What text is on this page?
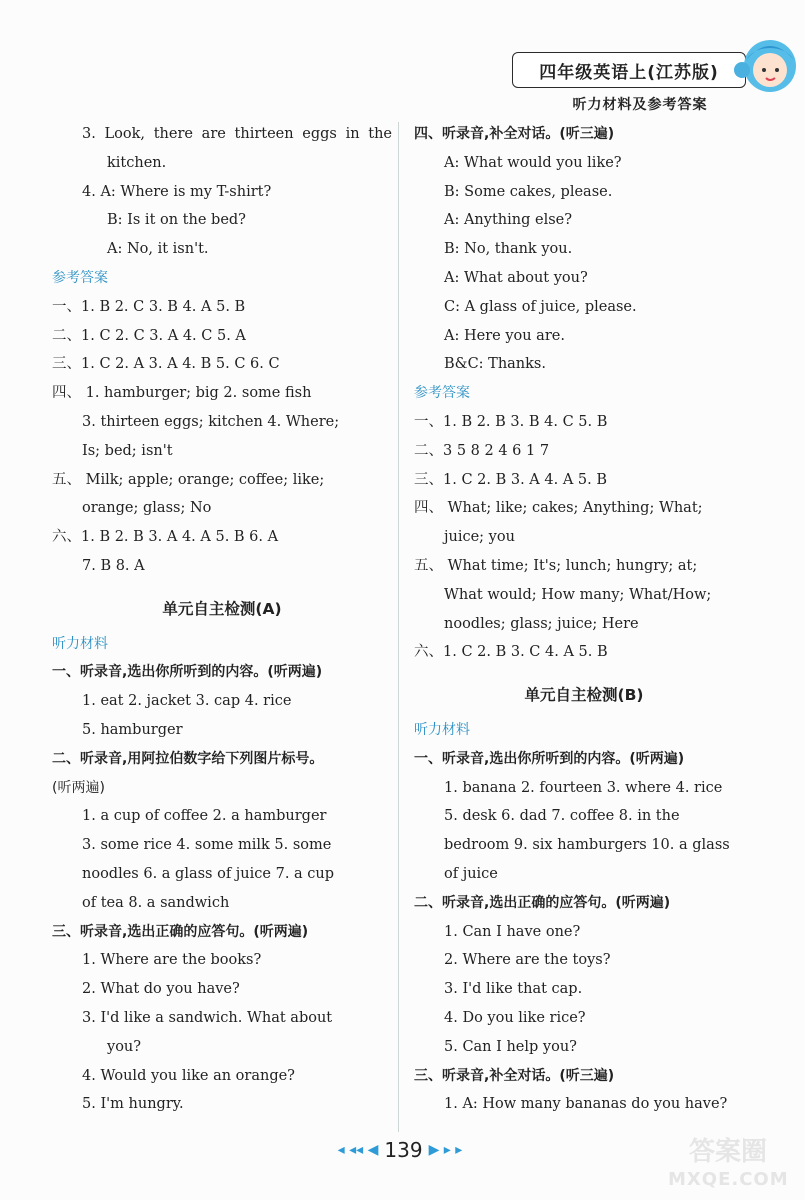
四年级英语上(江苏版)
听力材料及参考答案
3. Look, there are thirteen eggs in the
kitchen.
4. A: Where is my T-shirt?
B: Is it on the bed?
A: No, it isn't.
参考答案
一、1. B 2. C 3. B 4. A 5. B
二、1. C 2. C 3. A 4. C 5. A
三、1. C 2. A 3. A 4. B 5. C 6. C
四、 1. hamburger; big 2. some fish
3. thirteen eggs; kitchen 4. Where;
Is; bed; isn't
五、 Milk; apple; orange; coffee; like;
orange; glass; No
六、1. B 2. B 3. A 4. A 5. B 6. A
7. B 8. A
单元自主检测(A)
听力材料
一、听录音,选出你所听到的内容。(听两遍)
1. eat 2. jacket 3. cap 4. rice
5. hamburger
二、听录音,用阿拉伯数字给下列图片标号。
(听两遍)
1. a cup of coffee 2. a hamburger
3. some rice 4. some milk 5. some
noodles 6. a glass of juice 7. a cup
of tea 8. a sandwich
三、听录音,选出正确的应答句。(听两遍)
1. Where are the books?
2. What do you have?
3. I'd like a sandwich. What about
you?
4. Would you like an orange?
5. I'm hungry.
四、听录音,补全对话。(听三遍)
A: What would you like?
B: Some cakes, please.
A: Anything else?
B: No, thank you.
A: What about you?
C: A glass of juice, please.
A: Here you are.
B&C: Thanks.
参考答案
一、1. B 2. B 3. B 4. C 5. B
二、3 5 8 2 4 6 1 7
三、1. C 2. B 3. A 4. A 5. B
四、 What; like; cakes; Anything; What;
juice; you
五、 What time; It's; lunch; hungry; at;
What would; How many; What/How;
noodles; glass; juice; Here
六、1. C 2. B 3. C 4. A 5. B
单元自主检测(B)
听力材料
一、听录音,选出你所听到的内容。(听两遍)
1. banana 2. fourteen 3. where 4. rice
5. desk 6. dad 7. coffee 8. in the
bedroom 9. six hamburgers 10. a glass
of juice
二、听录音,选出正确的应答句。(听两遍)
1. Can I have one?
2. Where are the toys?
3. I'd like that cap.
4. Do you like rice?
5. Can I help you?
三、听录音,补全对话。(听三遍)
1. A: How many bananas do you have?
◂ ◂◂ ◀ 139 ▶ ▸ ▸	答案圈
MXQE.COM
